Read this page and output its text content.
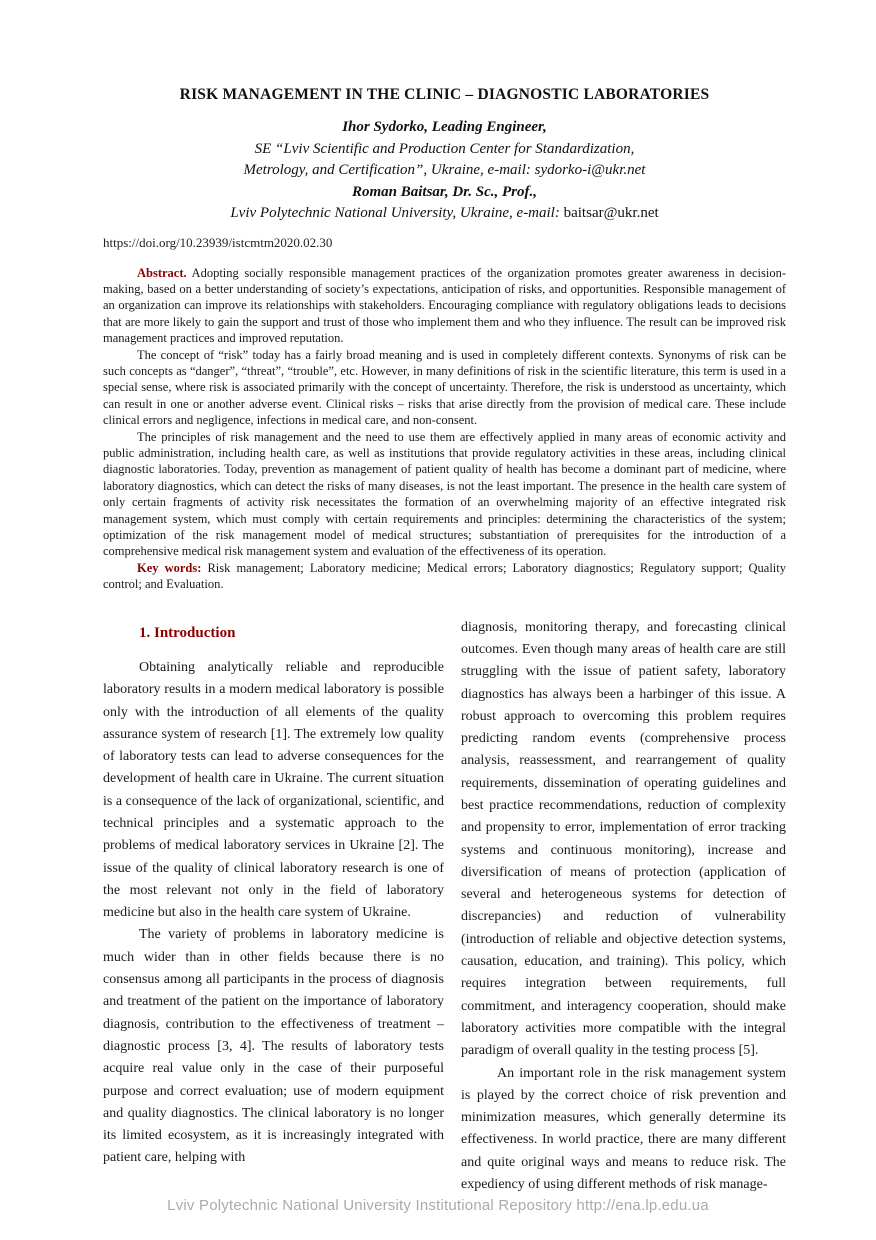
RISK MANAGEMENT IN THE CLINIC – DIAGNOSTIC LABORATORIES
Ihor Sydorko, Leading Engineer,
SE “Lviv Scientific and Production Center for Standardization,
Metrology, and Certification”, Ukraine, e-mail: sydorko-i@ukr.net
Roman Baitsar, Dr. Sc., Prof.,
Lviv Polytechnic National University, Ukraine, e-mail: baitsar@ukr.net
https://doi.org/10.23939/istcmtm2020.02.30

Abstract. Adopting socially responsible management practices of the organization promotes greater awareness in decision-making, based on a better understanding of society’s expectations, anticipation of risks, and opportunities. Responsible management of an organization can improve its relationships with stakeholders. Encouraging compliance with regulatory obligations leads to decisions that are more likely to gain the support and trust of those who implement them and who they influence. The result can be improved risk management practices and improved reputation.

The concept of “risk” today has a fairly broad meaning and is used in completely different contexts. Synonyms of risk can be such concepts as “danger”, “threat”, “trouble”, etc. However, in many definitions of risk in the scientific literature, this term is used in a special sense, where risk is associated primarily with the concept of uncertainty. Therefore, the risk is understood as uncertainty, which can result in one or another adverse event. Clinical risks – risks that arise directly from the provision of medical care. These include clinical errors and negligence, infections in medical care, and non-consent.

The principles of risk management and the need to use them are effectively applied in many areas of economic activity and public administration, including health care, as well as institutions that provide regulatory activities in these areas, including clinical diagnostic laboratories. Today, prevention as management of patient quality of health has become a dominant part of medicine, where laboratory diagnostics, which can detect the risks of many diseases, is not the least important. The presence in the health care system of only certain fragments of activity risk necessitates the formation of an overwhelming majority of an effective integrated risk management system, which must comply with certain requirements and principles: determining the characteristics of the system; optimization of the risk management model of medical structures; substantiation of prerequisites for the introduction of a comprehensive medical risk management system and evaluation of the effectiveness of its operation.

Key words: Risk management; Laboratory medicine; Medical errors; Laboratory diagnostics; Regulatory support; Quality control; and Evaluation.

1. Introduction

Obtaining analytically reliable and reproducible laboratory results in a modern medical laboratory is possible only with the introduction of all elements of the quality assurance system of research [1]. The extremely low quality of laboratory tests can lead to adverse consequences for the development of health care in Ukraine. The current situation is a consequence of the lack of organizational, scientific, and technical principles and a systematic approach to the problems of medical laboratory services in Ukraine [2]. The issue of the quality of clinical laboratory research is one of the most relevant not only in the field of laboratory medicine but also in the health care system of Ukraine.

The variety of problems in laboratory medicine is much wider than in other fields because there is no consensus among all participants in the process of diagnosis and treatment of the patient on the importance of laboratory diagnosis, contribution to the effectiveness of treatment – diagnostic process [3, 4]. The results of laboratory tests acquire real value only in the case of their purposeful purpose and correct evaluation; use of modern equipment and quality diagnostics. The clinical laboratory is no longer its limited ecosystem, as it is increasingly integrated with patient care, helping with

diagnosis, monitoring therapy, and forecasting clinical outcomes. Even though many areas of health care are still struggling with the issue of patient safety, laboratory diagnostics has always been a harbinger of this issue. A robust approach to overcoming this problem requires predicting random events (comprehensive process analysis, reassessment, and rearrangement of quality requirements, dissemination of operating guidelines and best practice recommendations, reduction of complexity and propensity to error, implementation of error tracking systems and continuous monitoring), increase and diversification of means of protection (application of several and heterogeneous systems for detection of discrepancies) and reduction of vulnerability (introduction of reliable and objective detection systems, causation, education, and training). This policy, which requires integration between requirements, full commitment, and interagency cooperation, should make laboratory activities more compatible with the integral paradigm of overall quality in the testing process [5].

An important role in the risk management system is played by the correct choice of risk prevention and minimization measures, which generally determine its effectiveness. In world practice, there are many different and quite original ways and means to reduce risk. The expediency of using different methods of risk manage-

Lviv Polytechnic National University Institutional Repository http://ena.lp.edu.ua
